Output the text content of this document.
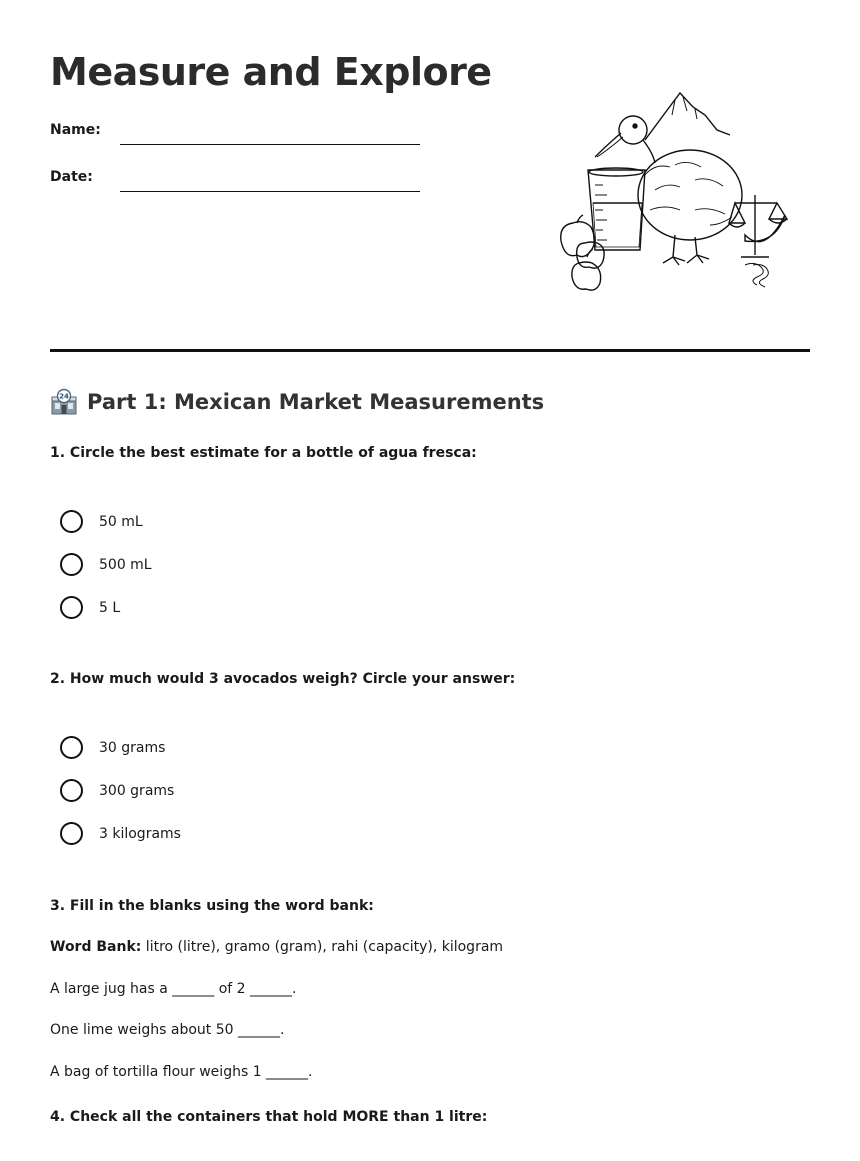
Measure and Explore
Name:
Date:
24 Part 1: Mexican Market Measurements
1. Circle the best estimate for a bottle of agua fresca:
50 mL
500 mL
5 L
2. How much would 3 avocados weigh? Circle your answer:
30 grams
300 grams
3 kilograms
3. Fill in the blanks using the word bank:
Word Bank: litro (litre), gramo (gram), rahi (capacity), kilogram
A large jug has a ______ of 2 ______.
One lime weighs about 50 ______.
A bag of tortilla flour weighs 1 ______.
4. Check all the containers that hold MORE than 1 litre:
